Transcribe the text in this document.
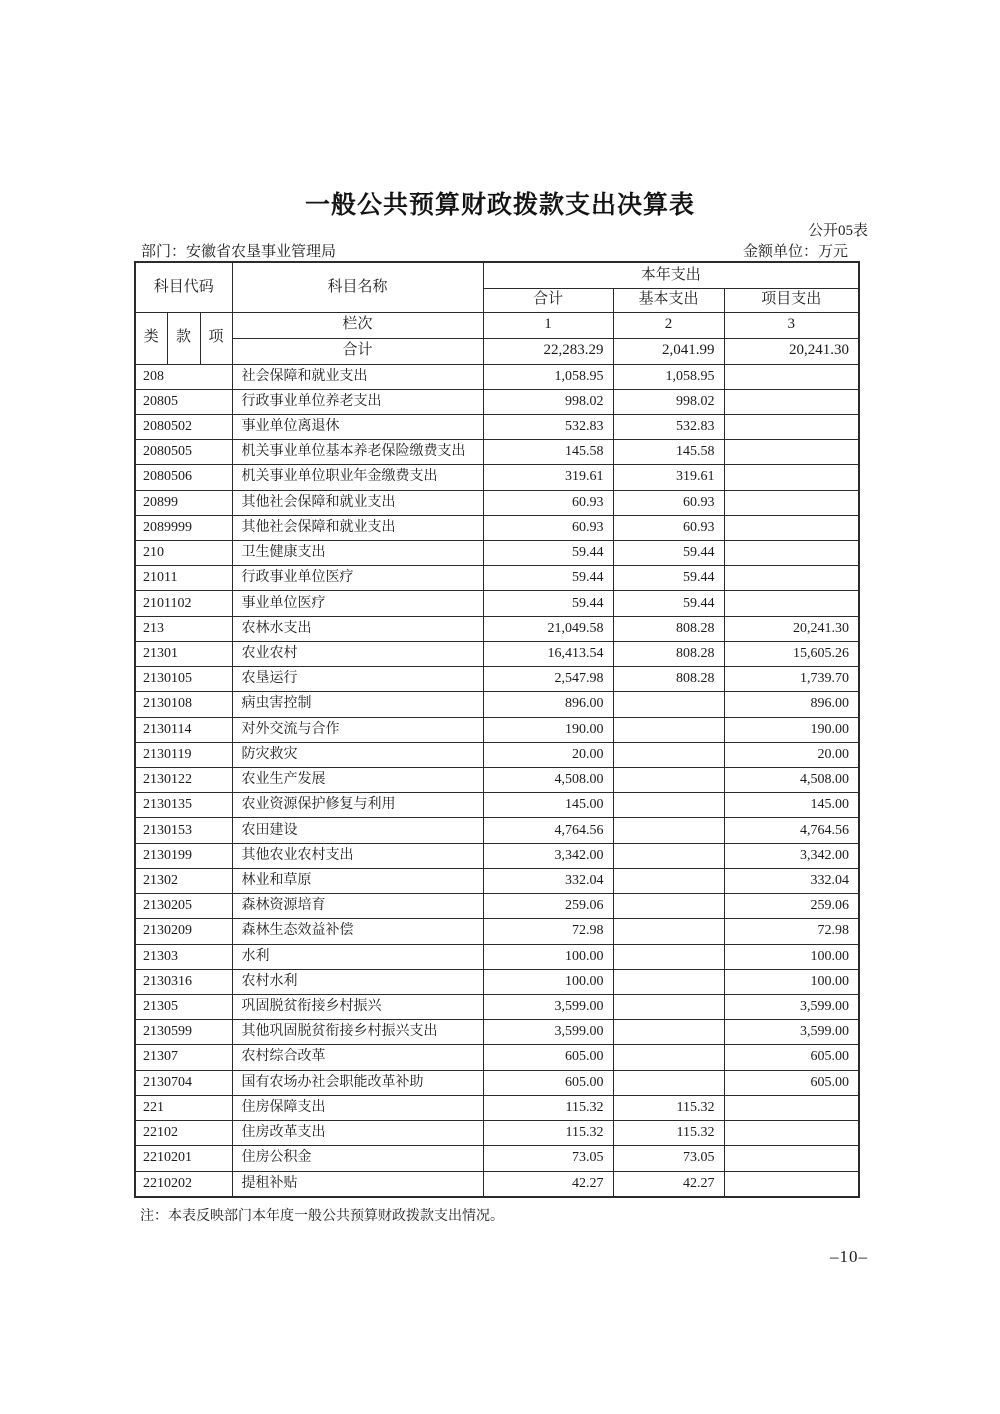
一般公共预算财政拨款支出决算表
公开05表
部门：安徽省农垦事业管理局	金额单位：万元
科目代码			科目名称	本年支出		
				合计	基本支出	项目支出
类	款	项	栏次	1	2	3
			合计	22,283.29	2,041.99	20,241.30
208			社会保障和就业支出	1,058.95	1,058.95	
20805			行政事业单位养老支出	998.02	998.02	
2080502			事业单位离退休	532.83	532.83	
2080505			机关事业单位基本养老保险缴费支出	145.58	145.58	
2080506			机关事业单位职业年金缴费支出	319.61	319.61	
20899			其他社会保障和就业支出	60.93	60.93	
2089999			其他社会保障和就业支出	60.93	60.93	
210			卫生健康支出	59.44	59.44	
21011			行政事业单位医疗	59.44	59.44	
2101102			事业单位医疗	59.44	59.44	
213			农林水支出	21,049.58	808.28	20,241.30
21301			农业农村	16,413.54	808.28	15,605.26
2130105			农垦运行	2,547.98	808.28	1,739.70
2130108			病虫害控制	896.00		896.00
2130114			对外交流与合作	190.00		190.00
2130119			防灾救灾	20.00		20.00
2130122			农业生产发展	4,508.00		4,508.00
2130135			农业资源保护修复与利用	145.00		145.00
2130153			农田建设	4,764.56		4,764.56
2130199			其他农业农村支出	3,342.00		3,342.00
21302			林业和草原	332.04		332.04
2130205			森林资源培育	259.06		259.06
2130209			森林生态效益补偿	72.98		72.98
21303			水利	100.00		100.00
2130316			农村水利	100.00		100.00
21305			巩固脱贫衔接乡村振兴	3,599.00		3,599.00
2130599			其他巩固脱贫衔接乡村振兴支出	3,599.00		3,599.00
21307			农村综合改革	605.00		605.00
2130704			国有农场办社会职能改革补助	605.00		605.00
221			住房保障支出	115.32	115.32	
22102			住房改革支出	115.32	115.32	
2210201			住房公积金	73.05	73.05	
2210202			提租补贴	42.27	42.27	
注：本表反映部门本年度一般公共预算财政拨款支出情况。
–10–
